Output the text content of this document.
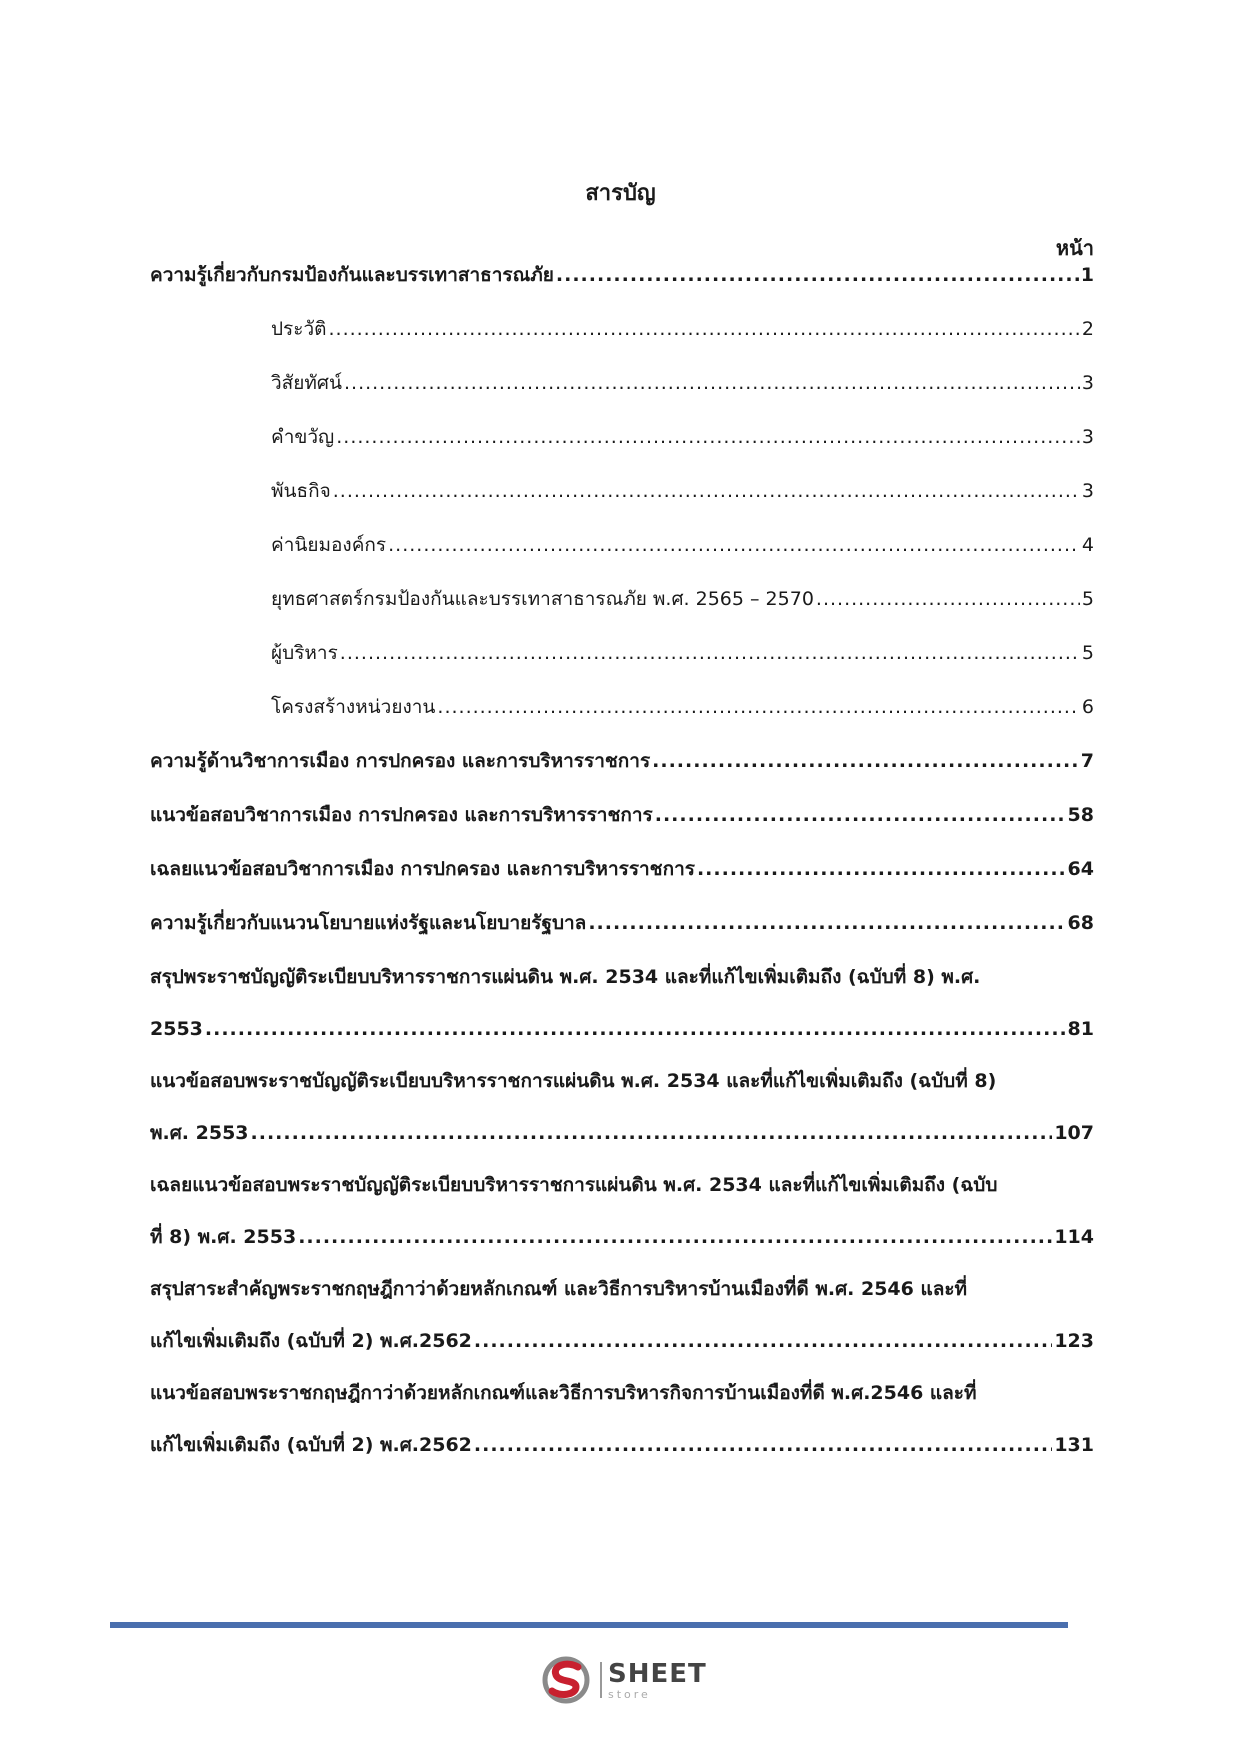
สารบัญ
หน้า
ความรู้เกี่ยวกับกรมป้องกันและบรรเทาสาธารณภัย .....	1
ประวัติ .....	2
วิสัยทัศน์ .....	3
คำขวัญ .....	3
พันธกิจ .....	3
ค่านิยมองค์กร .....	4
ยุทธศาสตร์กรมป้องกันและบรรเทาสาธารณภัย พ.ศ. 2565 – 2570 .....	5
ผู้บริหาร .....	5
โครงสร้างหน่วยงาน .....	6
ความรู้ด้านวิชาการเมือง การปกครอง และการบริหารราชการ .....	7
แนวข้อสอบวิชาการเมือง การปกครอง และการบริหารราชการ .....	58
เฉลยแนวข้อสอบวิชาการเมือง การปกครอง และการบริหารราชการ .....	64
ความรู้เกี่ยวกับแนวนโยบายแห่งรัฐและนโยบายรัฐบาล .....	68
สรุปพระราชบัญญัติระเบียบบริหารราชการแผ่นดิน พ.ศ. 2534 และที่แก้ไขเพิ่มเติมถึง (ฉบับที่ 8) พ.ศ.
2553 .....	81
แนวข้อสอบพระราชบัญญัติระเบียบบริหารราชการแผ่นดิน พ.ศ. 2534 และที่แก้ไขเพิ่มเติมถึง (ฉบับที่ 8)
พ.ศ. 2553 .....	107
เฉลยแนวข้อสอบพระราชบัญญัติระเบียบบริหารราชการแผ่นดิน พ.ศ. 2534 และที่แก้ไขเพิ่มเติมถึง (ฉบับ
ที่ 8) พ.ศ. 2553 .....	114
สรุปสาระสำคัญพระราชกฤษฎีกาว่าด้วยหลักเกณฑ์ และวิธีการบริหารบ้านเมืองที่ดี พ.ศ. 2546 และที่
แก้ไขเพิ่มเติมถึง (ฉบับที่ 2) พ.ศ.2562 .....	123
แนวข้อสอบพระราชกฤษฎีกาว่าด้วยหลักเกณฑ์และวิธีการบริหารกิจการบ้านเมืองที่ดี พ.ศ.2546 และที่
แก้ไขเพิ่มเติมถึง (ฉบับที่ 2) พ.ศ.2562 .....	131
SHEET
store
